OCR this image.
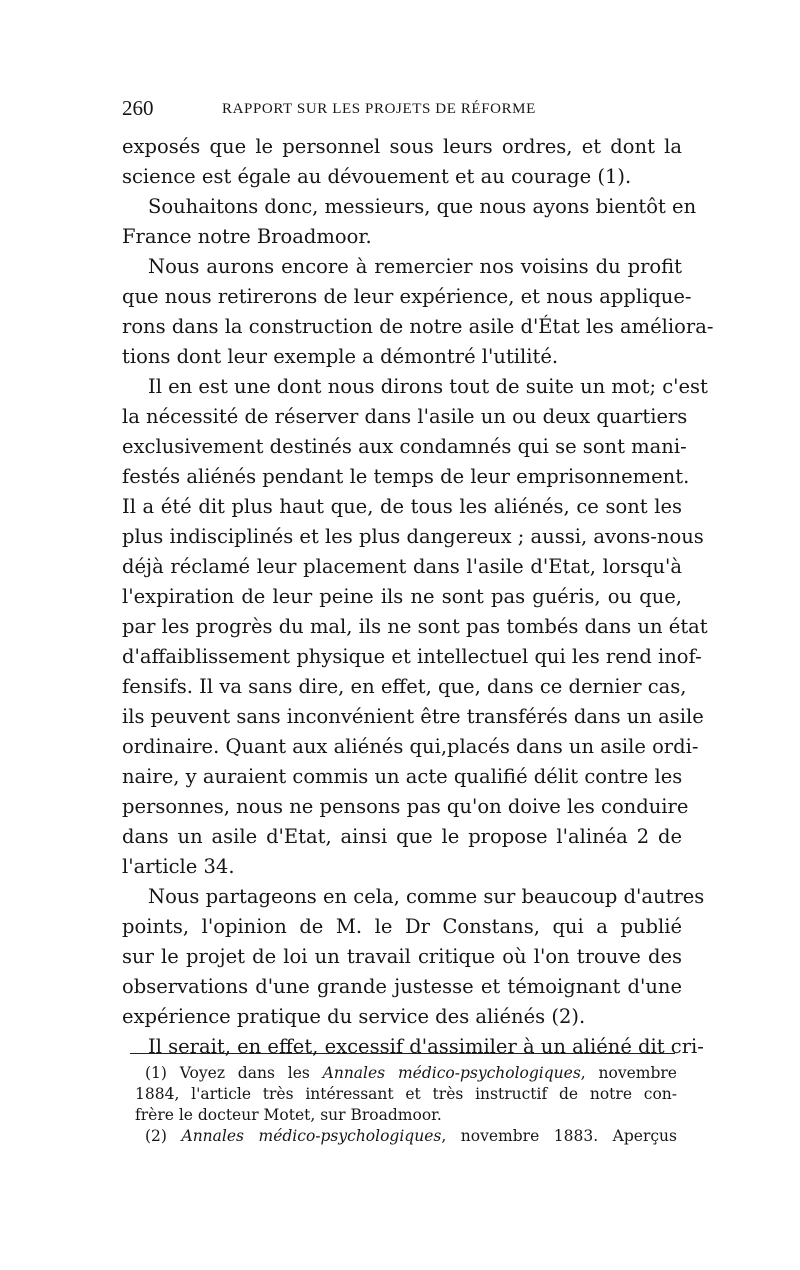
260	RAPPORT SUR LES PROJETS DE RÉFORME
exposés que le personnel sous leurs ordres, et dont la
science est égale au dévouement et au courage (1).
Souhaitons donc, messieurs, que nous ayons bientôt en
France notre Broadmoor.
Nous aurons encore à remercier nos voisins du profit
que nous retirerons de leur expérience, et nous applique-
rons dans la construction de notre asile d'État les améliora-
tions dont leur exemple a démontré l'utilité.
Il en est une dont nous dirons tout de suite un mot; c'est
la nécessité de réserver dans l'asile un ou deux quartiers
exclusivement destinés aux condamnés qui se sont mani-
festés aliénés pendant le temps de leur emprisonnement.
Il a été dit plus haut que, de tous les aliénés, ce sont les
plus indisciplinés et les plus dangereux ; aussi, avons-nous
déjà réclamé leur placement dans l'asile d'Etat, lorsqu'à
l'expiration de leur peine ils ne sont pas guéris, ou que,
par les progrès du mal, ils ne sont pas tombés dans un état
d'affaiblissement physique et intellectuel qui les rend inof-
fensifs. Il va sans dire, en effet, que, dans ce dernier cas,
ils peuvent sans inconvénient être transférés dans un asile
ordinaire. Quant aux aliénés qui,placés dans un asile ordi-
naire, y auraient commis un acte qualifié délit contre les
personnes, nous ne pensons pas qu'on doive les conduire
dans un asile d'Etat, ainsi que le propose l'alinéa 2 de
l'article 34.
Nous partageons en cela, comme sur beaucoup d'autres
points, l'opinion de M. le Dr Constans, qui a publié
sur le projet de loi un travail critique où l'on trouve des
observations d'une grande justesse et témoignant d'une
expérience pratique du service des aliénés (2).
Il serait, en effet, excessif d'assimiler à un aliéné dit cri-
(1) Voyez dans les Annales médico-psychologiques, novembre
1884, l'article très intéressant et très instructif de notre con-
frère le docteur Motet, sur Broadmoor.
(2) Annales médico-psychologiques, novembre 1883. Aperçus
